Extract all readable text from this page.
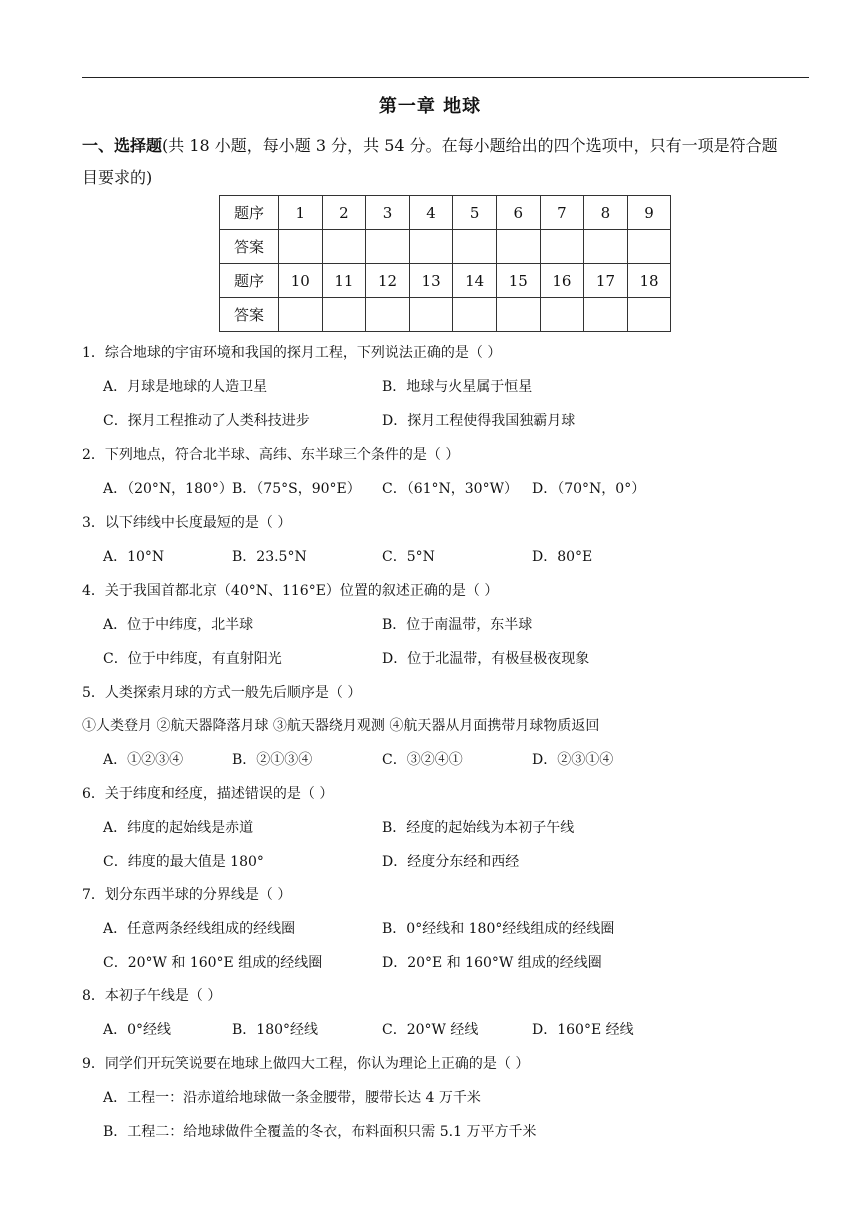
第一章 地球
一、选择题(共 18 小题，每小题 3 分，共 54 分。在每小题给出的四个选项中，只有一项是符合题
目要求的)
题序	1	2	3	4	5	6	7	8	9
答案									
题序	10	11	12	13	14	15	16	17	18
答案									
1．综合地球的宇宙环境和我国的探月工程，下列说法正确的是（ ）
A．月球是地球的人造卫星	B．地球与火星属于恒星
C．探月工程推动了人类科技进步	D．探月工程使得我国独霸月球
2．下列地点，符合北半球、高纬、东半球三个条件的是（ ）
A．（20°N，180°） B．（75°S，90°E） C．（61°N，30°W） D．（70°N，0°）
3．以下纬线中长度最短的是（ ）
A．10°N	B．23.5°N	C．5°N	D．80°E
4．关于我国首都北京（40°N、116°E）位置的叙述正确的是（ ）
A．位于中纬度，北半球	B．位于南温带，东半球
C．位于中纬度，有直射阳光	D．位于北温带，有极昼极夜现象
5．人类探索月球的方式一般先后顺序是（ ）
①人类登月 ②航天器降落月球 ③航天器绕月观测 ④航天器从月面携带月球物质返回
A．①②③④	B．②①③④	C．③②④①	D．②③①④
6．关于纬度和经度，描述错误的是（ ）
A．纬度的起始线是赤道	B．经度的起始线为本初子午线
C．纬度的最大值是 180°	D．经度分东经和西经
7．划分东西半球的分界线是（ ）
A．任意两条经线组成的经线圈	B．0°经线和 180°经线组成的经线圈
C．20°W 和 160°E 组成的经线圈	D．20°E 和 160°W 组成的经线圈
8．本初子午线是（ ）
A．0°经线	B．180°经线	C．20°W 经线	D．160°E 经线
9．同学们开玩笑说要在地球上做四大工程，你认为理论上正确的是（ ）
A．工程一：沿赤道给地球做一条金腰带，腰带长达 4 万千米
B．工程二：给地球做件全覆盖的冬衣，布料面积只需 5.1 万平方千米
